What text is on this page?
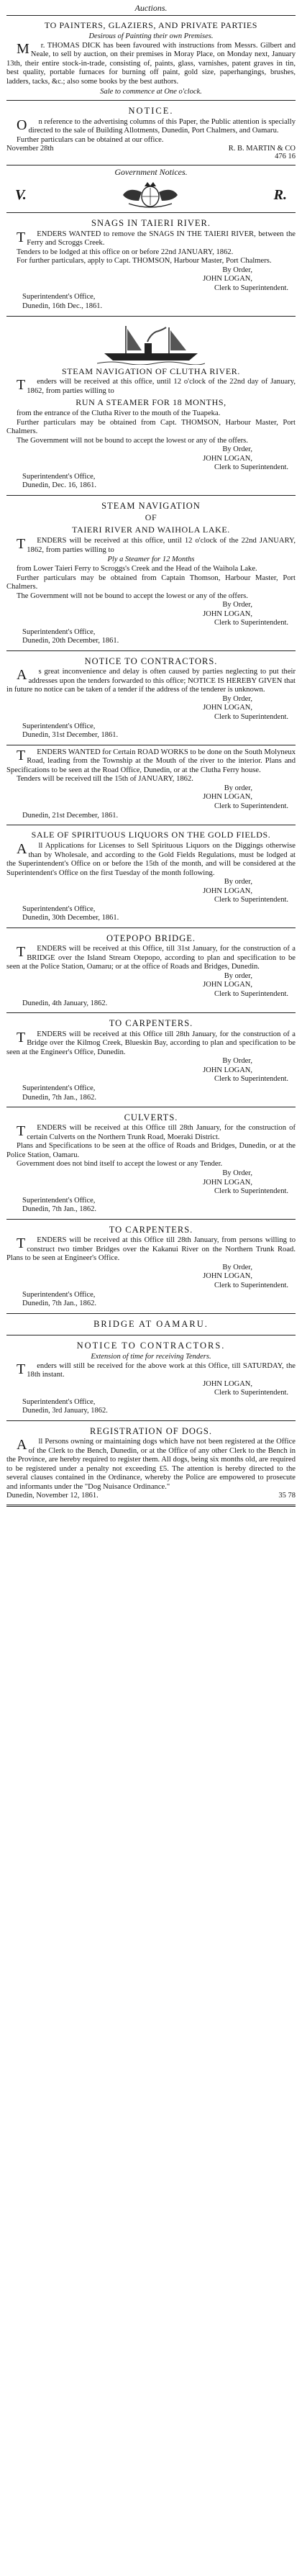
Auctions.
TO PAINTERS, GLAZIERS, AND PRIVATE PARTIES
Desirous of Painting their own Premises.

Mr. THOMAS DICK has been favoured with instructions from Messrs. Gilbert and Neale, to sell by auction, on their premises in Moray Place, on Monday next, January 13th, their entire stock-in-trade, consisting of, paints, glass, varnishes, patent graves in tin, best quality, portable furnaces for burning off paint, gold size, paperhangings, brushes, ladders, tacks, &c.; also some books by the best authors.

Sale to commence at One o'clock.
NOTICE.

On reference to the advertising columns of this Paper, the Public attention is specially directed to the sale of Building Allotments, Dunedin, Port Chalmers, and Oamaru.

Further particulars can be obtained at our office.

November 28th	R. B. MARTIN & CO
476 16
Government Notices.
V.	R.
SNAGS IN TAIERI RIVER.

TENDERS WANTED to remove the SNAGS IN THE TAIERI RIVER, between the Ferry and Scroggs Creek.

Tenders to be lodged at this office on or before 22nd JANUARY, 1862.

For further particulars, apply to Capt. THOMSON, Harbour Master, Port Chalmers.

By Order,
JOHN LOGAN,
Clerk to Superintendent.
Superintendent's Office,
Dunedin, 16th Dec., 1861.
STEAM NAVIGATION OF CLUTHA RIVER.

Tenders will be received at this office, until 12 o'clock of the 22nd day of January, 1862, from parties willing to

RUN A STEAMER FOR 18 MONTHS,

from the entrance of the Clutha River to the mouth of the Tuapeka.

Further particulars may be obtained from Capt. THOMSON, Harbour Master, Port Chalmers.

The Government will not be bound to accept the lowest or any of the offers.

By Order,
JOHN LOGAN,
Clerk to Superintendent.
Superintendent's Office,
Dunedin, Dec. 16, 1861.
STEAM NAVIGATION
OF
TAIERI RIVER AND WAIHOLA LAKE.

TENDERS will be received at this office, until 12 o'clock of the 22nd JANUARY, 1862, from parties willing to

Ply a Steamer for 12 Months

from Lower Taieri Ferry to Scroggs's Creek and the Head of the Waihola Lake.

Further particulars may be obtained from Captain Thomson, Harbour Master, Port Chalmers.

The Government will not be bound to accept the lowest or any of the offers.

By Order,
JOHN LOGAN,
Clerk to Superintendent.
Superintendent's Office,
Dunedin, 20th December, 1861.
NOTICE TO CONTRACTORS.

As great inconvenience and delay is often caused by parties neglecting to put their addresses upon the tenders forwarded to this office; NOTICE IS HEREBY GIVEN that in future no notice can be taken of a tender if the address of the tenderer is unknown.

By Order,
JOHN LOGAN,
Clerk to Superintendent.
Superintendent's Office,
Dunedin, 31st December, 1861.

TENDERS WANTED for Certain ROAD WORKS to be done on the South Molyneux Road, leading from the Township at the Mouth of the river to the interior. Plans and Specifications to be seen at the Road Office, Dunedin, or at the Clutha Ferry house.

Tenders will be received till the 15th of JANUARY, 1862.

By order,
JOHN LOGAN,
Clerk to Superintendent.
Dunedin, 21st December, 1861.
SALE OF SPIRITUOUS LIQUORS ON THE GOLD FIELDS.

All Applications for Licenses to Sell Spirituous Liquors on the Diggings otherwise than by Wholesale, and according to the Gold Fields Regulations, must be lodged at the Superintendent's Office on or before the 15th of the month, and will be considered at the Superintendent's Office on the first Tuesday of the month following.

By order,
JOHN LOGAN,
Clerk to Superintendent.
Superintendent's Office,
Dunedin, 30th December, 1861.
OTEPOPO BRIDGE.

TENDERS will be received at this Office, till 31st January, for the construction of a BRIDGE over the Island Stream Otepopo, according to plan and specification to be seen at the Police Station, Oamaru; or at the office of Roads and Bridges, Dunedin.

By order,
JOHN LOGAN,
Clerk to Superintendent.
Dunedin, 4th January, 1862.
TO CARPENTERS.

TENDERS will be received at this Office till 28th January, for the construction of a Bridge over the Kilmog Creek, Blueskin Bay, according to plan and specification to be seen at the Engineer's Office, Dunedin.

By Order,
JOHN LOGAN,
Clerk to Superintendent.
Superintendent's Office,
Dunedin, 7th Jan., 1862.
CULVERTS.

TENDERS will be received at this Office till 28th January, for the construction of certain Culverts on the Northern Trunk Road, Moeraki District.

Plans and Specifications to be seen at the office of Roads and Bridges, Dunedin, or at the Police Station, Oamaru.

Government does not bind itself to accept the lowest or any Tender.

By Order,
JOHN LOGAN,
Clerk to Superintendent.
Superintendent's Office,
Dunedin, 7th Jan., 1862.
TO CARPENTERS.

TENDERS will be received at this Office till 28th January, from persons willing to construct two timber Bridges over the Kakanui River on the Northern Trunk Road. Plans to be seen at Engineer's Office.

By Order,
JOHN LOGAN,
Clerk to Superintendent.
Superintendent's Office,
Dunedin, 7th Jan., 1862.
BRIDGE AT OAMARU.
NOTICE TO CONTRACTORS.
Extension of time for receiving Tenders.

Tenders will still be received for the above work at this Office, till SATURDAY, the 18th instant.

JOHN LOGAN,
Clerk to Superintendent.
Superintendent's Office,
Dunedin, 3rd January, 1862.
REGISTRATION OF DOGS.

All Persons owning or maintaining dogs which have not been registered at the Office of the Clerk to the Bench, Dunedin, or at the Office of any other Clerk to the Bench in the Province, are hereby required to register them. All dogs, being six months old, are required to be registered under a penalty not exceeding £5. The attention is hereby directed to the several clauses contained in the Ordinance, whereby the Police are empowered to prosecute and informants under the "Dog Nuisance Ordinance."

Dunedin, November 12, 1861.	35 78
